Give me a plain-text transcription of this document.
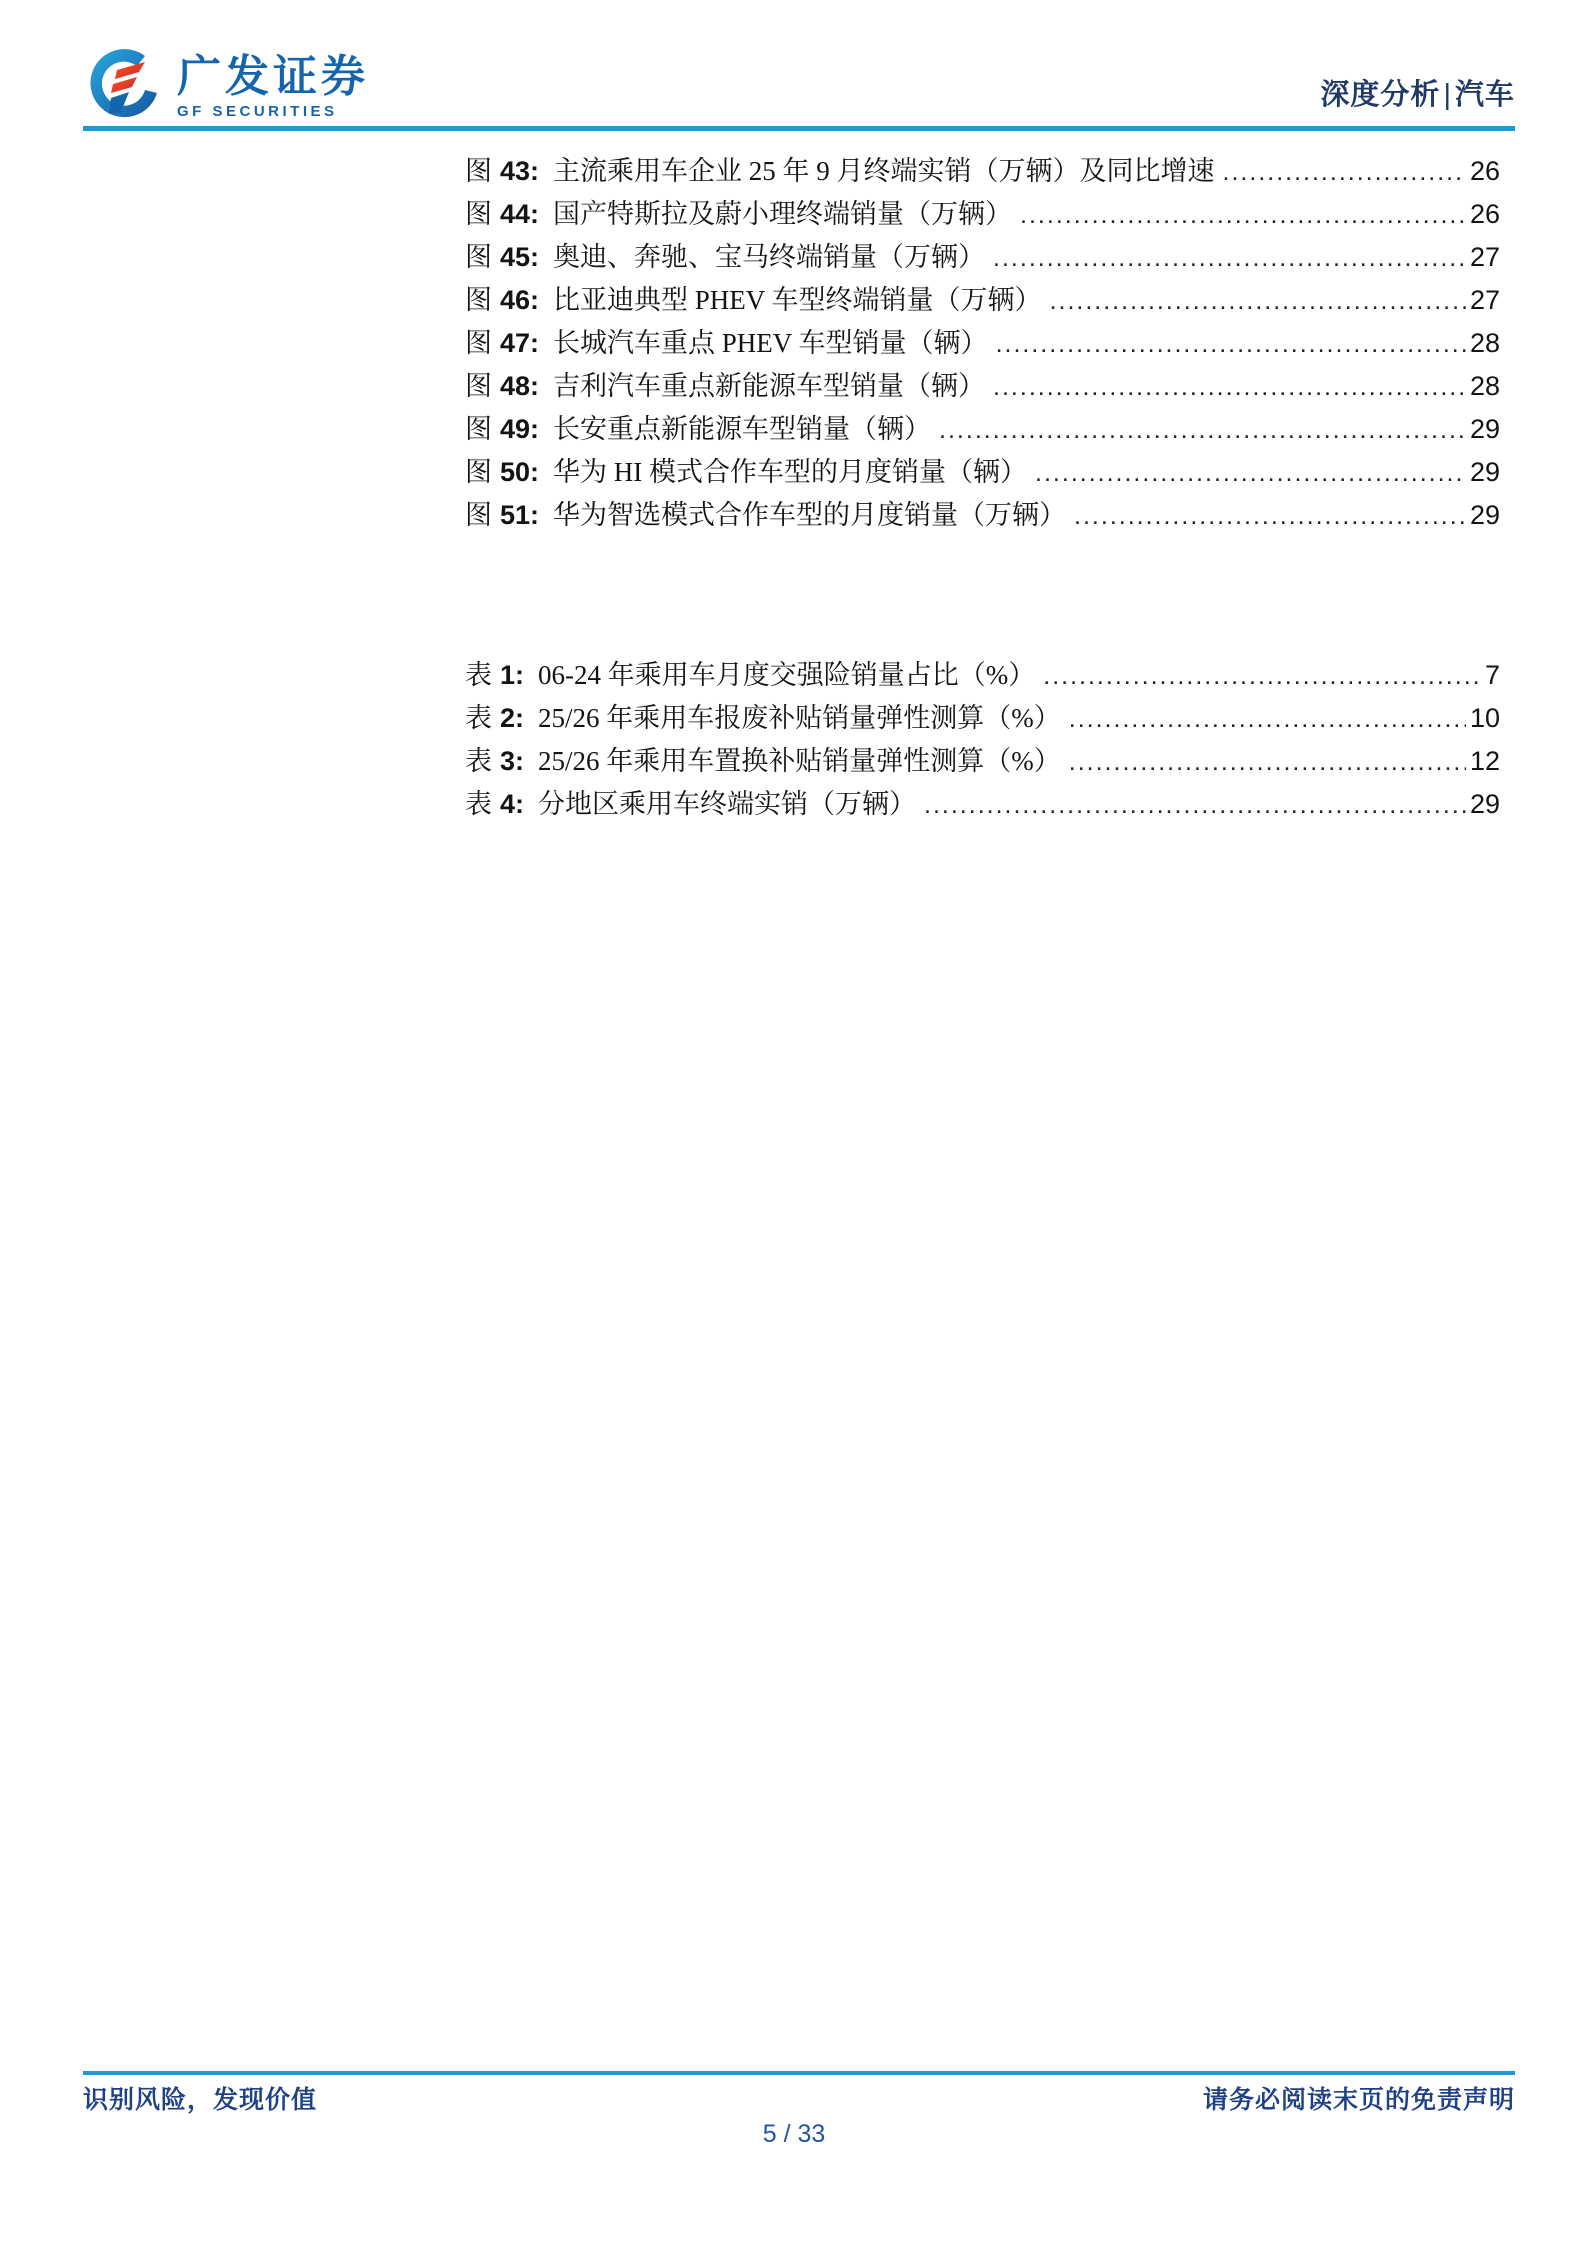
广发证券
GF SECURITIES
深度分析 | 汽车
图 43: 主流乘用车企业 25 年 9 月终端实销（万辆）及同比增速 .....	26
图 44: 国产特斯拉及蔚小理终端销量（万辆） .....	26
图 45: 奥迪、奔驰、宝马终端销量（万辆） .....	27
图 46: 比亚迪典型 PHEV 车型终端销量（万辆） .....	27
图 47: 长城汽车重点 PHEV 车型销量（辆） .....	28
图 48: 吉利汽车重点新能源车型销量（辆） .....	28
图 49: 长安重点新能源车型销量（辆） .....	29
图 50: 华为 HI 模式合作车型的月度销量（辆） .....	29
图 51: 华为智选模式合作车型的月度销量（万辆） .....	29
表 1: 06-24 年乘用车月度交强险销量占比（%） .....	7
表 2: 25/26 年乘用车报废补贴销量弹性测算（%） .....	10
表 3: 25/26 年乘用车置换补贴销量弹性测算（%） .....	12
表 4: 分地区乘用车终端实销（万辆） .....	29
识别风险，发现价值	请务必阅读末页的免责声明
5 / 33
